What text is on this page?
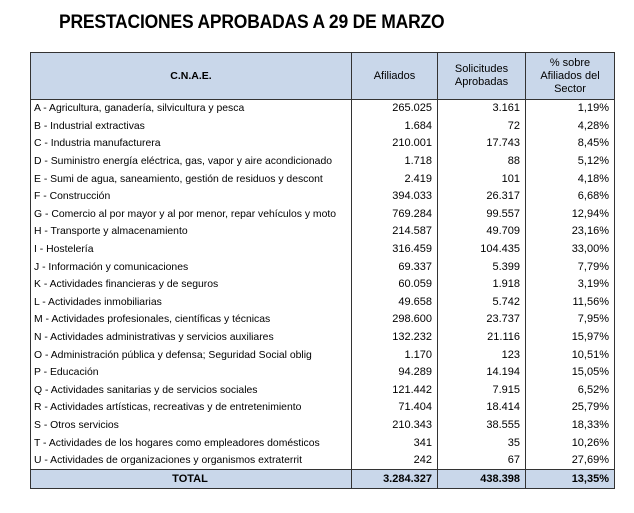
PRESTACIONES APROBADAS A 29 DE MARZO
C.N.A.E.	Afiliados	Solicitudes Aprobadas	% sobre Afiliados del Sector
A - Agricultura, ganadería, silvicultura y pesca	265.025	3.161	1,19%
B - Industrial extractivas	1.684	72	4,28%
C - Industria manufacturera	210.001	17.743	8,45%
D - Suministro energía eléctrica, gas, vapor y aire acondicionado	1.718	88	5,12%
E - Sumi de agua, saneamiento, gestión de residuos y descont	2.419	101	4,18%
F - Construcción	394.033	26.317	6,68%
G - Comercio al por mayor y al por menor, repar vehículos y moto	769.284	99.557	12,94%
H - Transporte y almacenamiento	214.587	49.709	23,16%
I - Hostelería	316.459	104.435	33,00%
J - Información y comunicaciones	69.337	5.399	7,79%
K - Actividades financieras y de seguros	60.059	1.918	3,19%
L - Actividades inmobiliarias	49.658	5.742	11,56%
M - Actividades profesionales, científicas y técnicas	298.600	23.737	7,95%
N - Actividades administrativas y servicios auxiliares	132.232	21.116	15,97%
O - Administración pública y defensa; Seguridad Social oblig	1.170	123	10,51%
P - Educación	94.289	14.194	15,05%
Q - Actividades sanitarias y de servicios sociales	121.442	7.915	6,52%
R - Actividades artísticas, recreativas y de entretenimiento	71.404	18.414	25,79%
S - Otros servicios	210.343	38.555	18,33%
T - Actividades de los hogares como empleadores domésticos	341	35	10,26%
U - Actividades de organizaciones y organismos extraterrit	242	67	27,69%
TOTAL	3.284.327	438.398	13,35%
